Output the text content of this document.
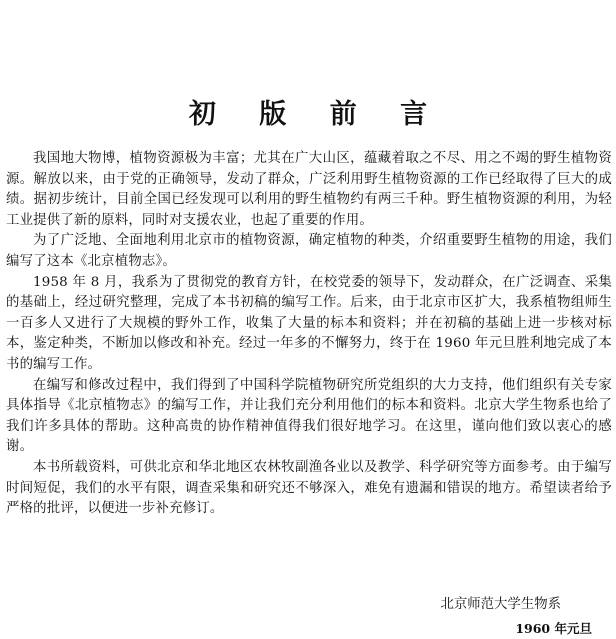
初 版 前 言

我国地大物博，植物资源极为丰富；尤其在广大山区，蕴藏着取之不尽、用之不竭的野生植物资源。解放以来，由于党的正确领导，发动了群众，广泛利用野生植物资源的工作已经取得了巨大的成绩。据初步统计，目前全国已经发现可以利用的野生植物约有两三千种。野生植物资源的利用，为轻工业提供了新的原料，同时对支援农业，也起了重要的作用。

为了广泛地、全面地利用北京市的植物资源，确定植物的种类，介绍重要野生植物的用途，我们编写了这本《北京植物志》。

1958 年 8 月，我系为了贯彻党的教育方针，在校党委的领导下，发动群众，在广泛调查、采集的基础上，经过研究整理，完成了本书初稿的编写工作。后来，由于北京市区扩大，我系植物组师生一百多人又进行了大规模的野外工作，收集了大量的标本和资料；并在初稿的基础上进一步核对标本，鉴定种类，不断加以修改和补充。经过一年多的不懈努力，终于在 1960 年元旦胜利地完成了本书的编写工作。

在编写和修改过程中，我们得到了中国科学院植物研究所党组织的大力支持，他们组织有关专家具体指导《北京植物志》的编写工作，并让我们充分利用他们的标本和资料。北京大学生物系也给了我们许多具体的帮助。这种高贵的协作精神值得我们很好地学习。在这里，谨向他们致以衷心的感谢。

本书所载资料，可供北京和华北地区农林牧副渔各业以及教学、科学研究等方面参考。由于编写时间短促，我们的水平有限，调查采集和研究还不够深入，难免有遗漏和错误的地方。希望读者给予严格的批评，以便进一步补充修订。

北京师范大学生物系
1960 年元旦
